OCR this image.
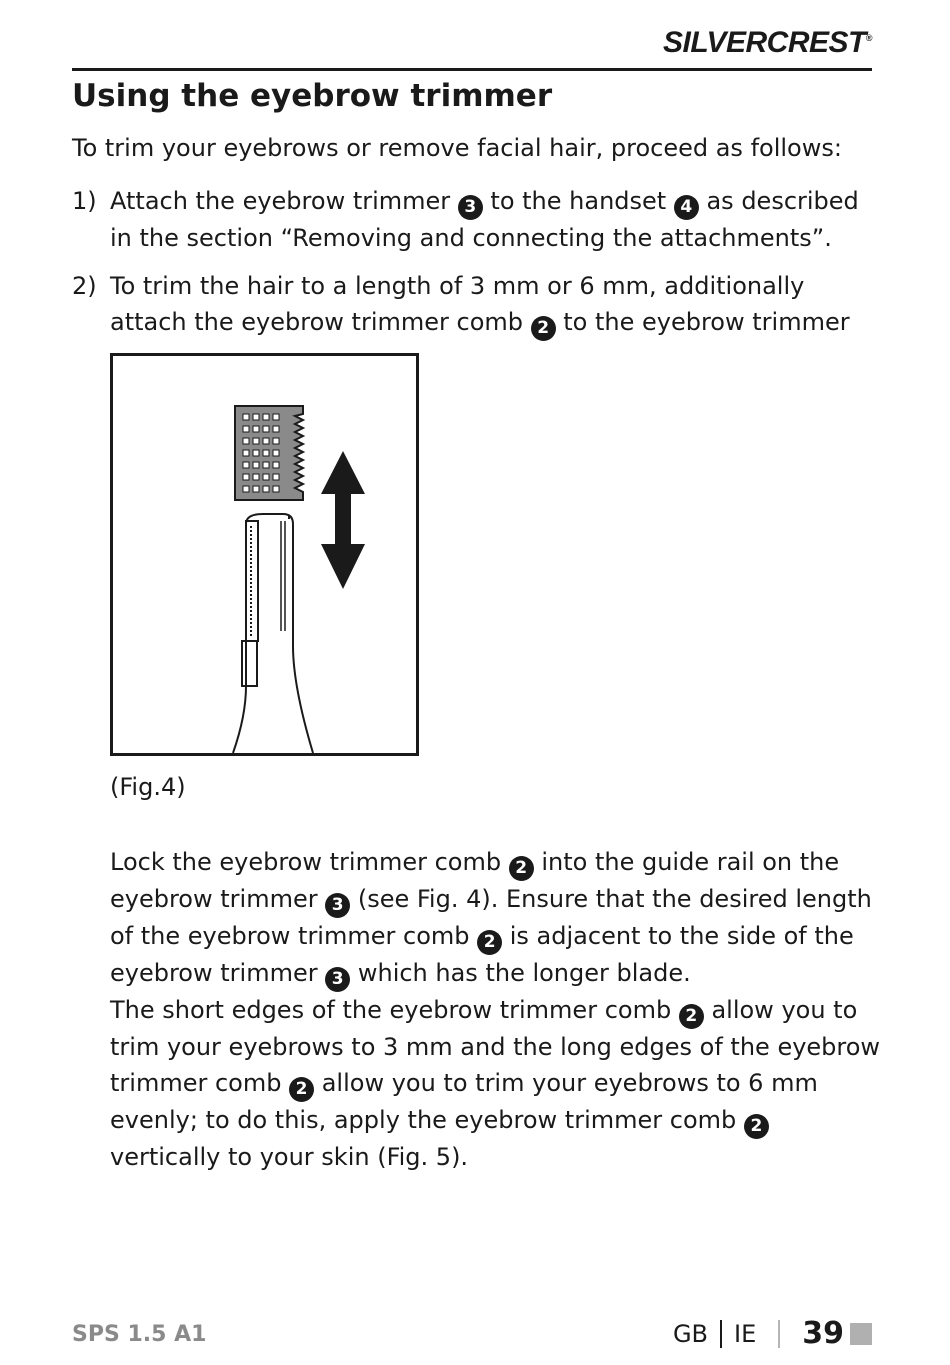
SILVERCREST®
Using the eyebrow trimmer

To trim your eyebrows or remove facial hair, proceed as follows:

1) Attach the eyebrow trimmer 3 to the handset 4 as described in the section “Removing and connecting the attachments”.
2) To trim the hair to a length of 3 mm or 6 mm, additionally attach the eyebrow trimmer comb 2 to the eyebrow trimmer
(Fig.4)

Lock the eyebrow trimmer comb 2 into the guide rail on the eyebrow trimmer 3 (see Fig. 4). Ensure that the desired length of the eyebrow trimmer comb 2 is adjacent to the side of the eyebrow trimmer 3 which has the longer blade.

The short edges of the eyebrow trimmer comb 2 allow you to trim your eyebrows to 3 mm and the long edges of the eyebrow trimmer comb 2 allow you to trim your eyebrows to 6 mm evenly; to do this, apply the eyebrow trimmer comb 2 vertically to your skin (Fig. 5).

SPS 1.5 A1	GB IE 39
